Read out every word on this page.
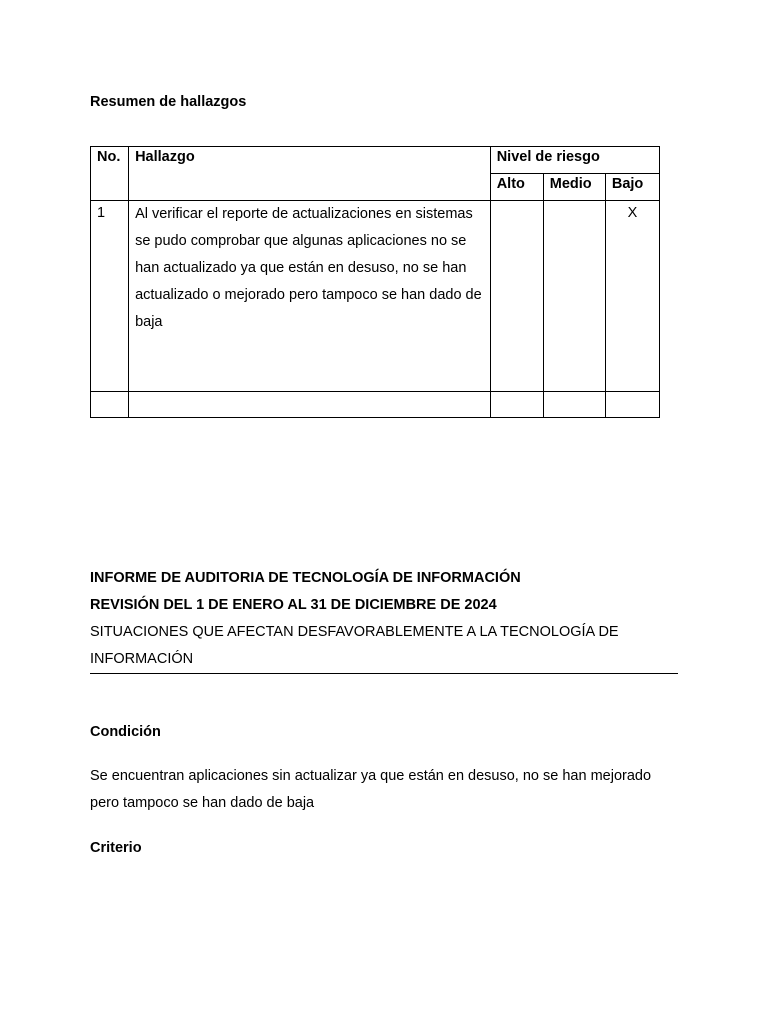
Resumen de hallazgos
No.	Hallazgo	Nivel de riesgo		
		Alto	Medio	Bajo
1	Al verificar el reporte de actualizaciones en sistemas se pudo comprobar que algunas aplicaciones no se han actualizado ya que están en desuso, no se han actualizado o mejorado pero tampoco se han dado de baja			X

INFORME DE AUDITORIA DE TECNOLOGÍA DE INFORMACIÓN
REVISIÓN DEL 1 DE ENERO AL 31 DE DICIEMBRE DE 2024
SITUACIONES QUE AFECTAN DESFAVORABLEMENTE A LA TECNOLOGÍA DE INFORMACIÓN
Condición
Se encuentran aplicaciones sin actualizar ya que están en desuso, no se han mejorado pero tampoco se han dado de baja
Criterio
